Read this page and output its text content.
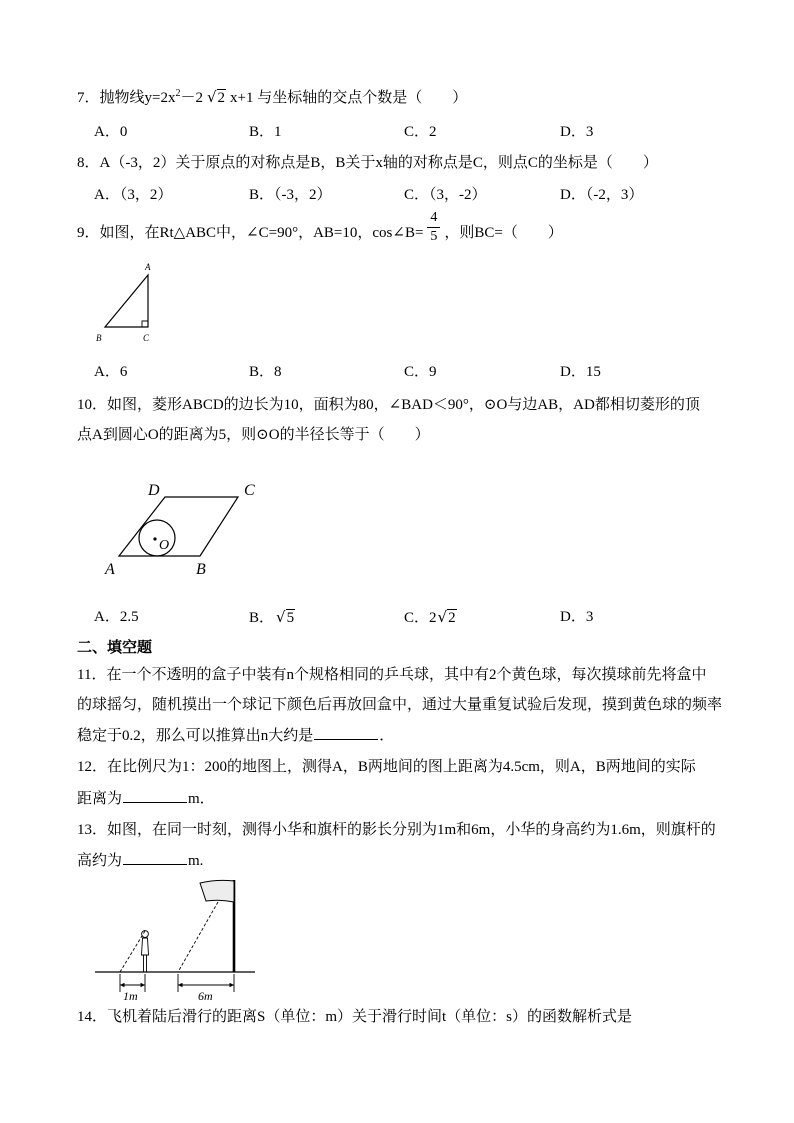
7．抛物线$y=2x^2-2$ √2 x+1 与坐标轴的交点个数是（　　）
A．0	B．1	C．2	D．3
8．A（-3，2）关于原点的对称点是B，B关于x轴的对称点是C，则点C的坐标是（　　）
A．（3，2）	B．（-3，2）	C．（3，-2）	D．（-2，3）
9．如图，在Rt△ABC中，∠C=90°，AB=10，cos∠B= $\frac{4}{5}$ ，则BC=（　　）
A
B	C
A．6	B．8	C．9	D．15
10．如图，菱形ABCD的边长为10，面积为80，∠BAD＜90°，⊙O与边AB，AD都相切菱形的顶
点A到圆心O的距离为5，则⊙O的半径长等于（　　）
D	C
A	B
O
A．2.5	B． √5	C．2√2	D．3
二、填空题
11．在一个不透明的盒子中装有n个规格相同的乒乓球，其中有2个黄色球，每次摸球前先将盒中
的球摇匀，随机摸出一个球记下颜色后再放回盒中，通过大量重复试验后发现，摸到黄色球的频率
稳定于0.2，那么可以推算出n大约是	．
12．在比例尺为1：200的地图上，测得A，B两地间的图上距离为4.5cm，则A，B两地间的实际
距离为	m．
13．如图，在同一时刻，测得小华和旗杆的影长分别为1m和6m，小华的身高约为1.6m，则旗杆的
高约为	m.
1m	6m
14．飞机着陆后滑行的距离S（单位：m）关于滑行时间t（单位：s）的函数解析式是
